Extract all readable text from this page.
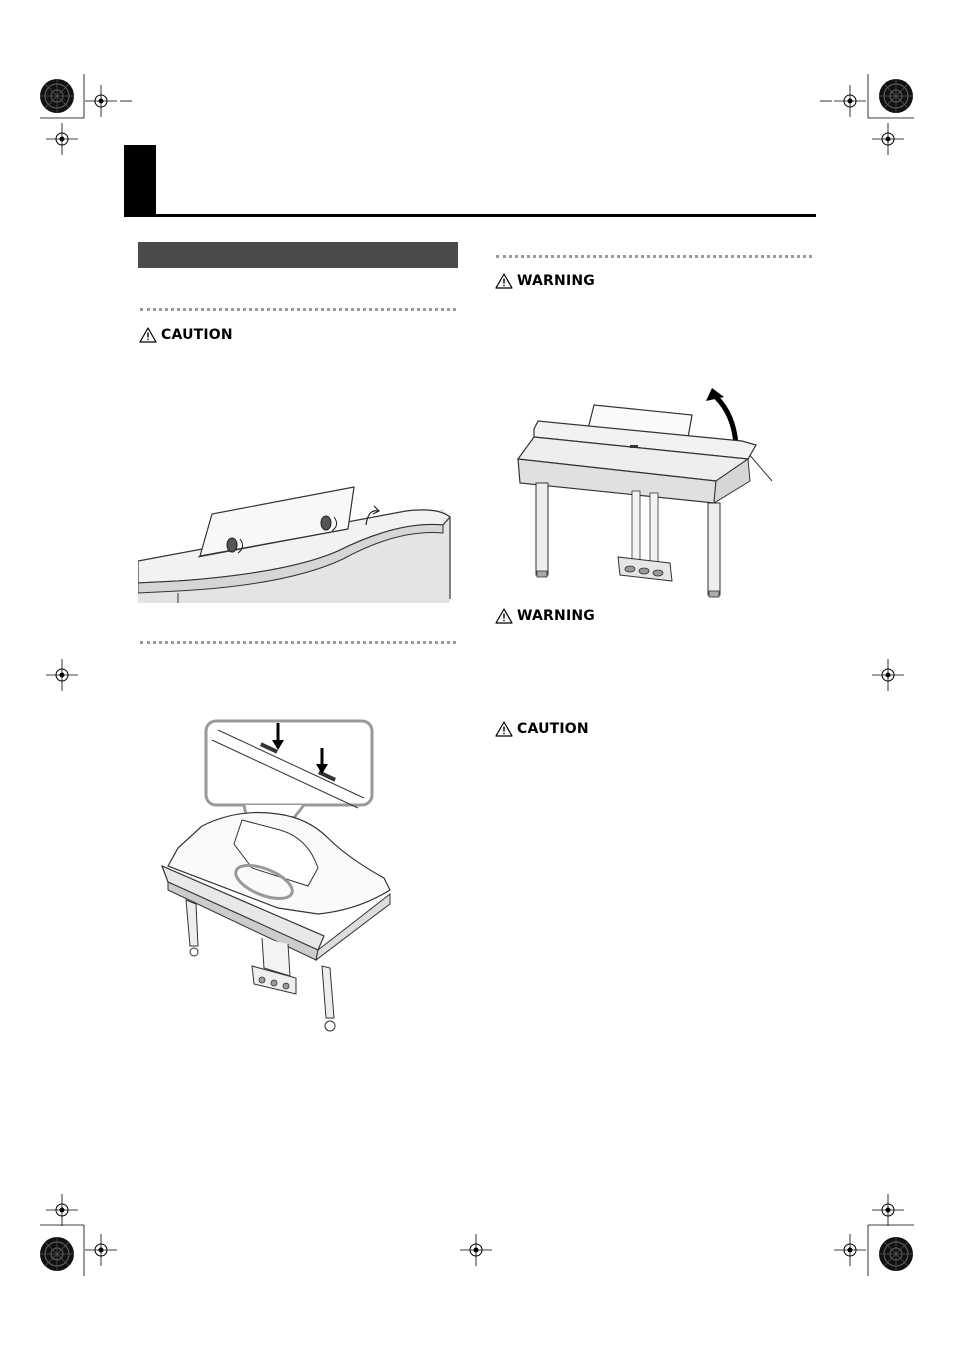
CAUTION
WARNING
WARNING
CAUTION
